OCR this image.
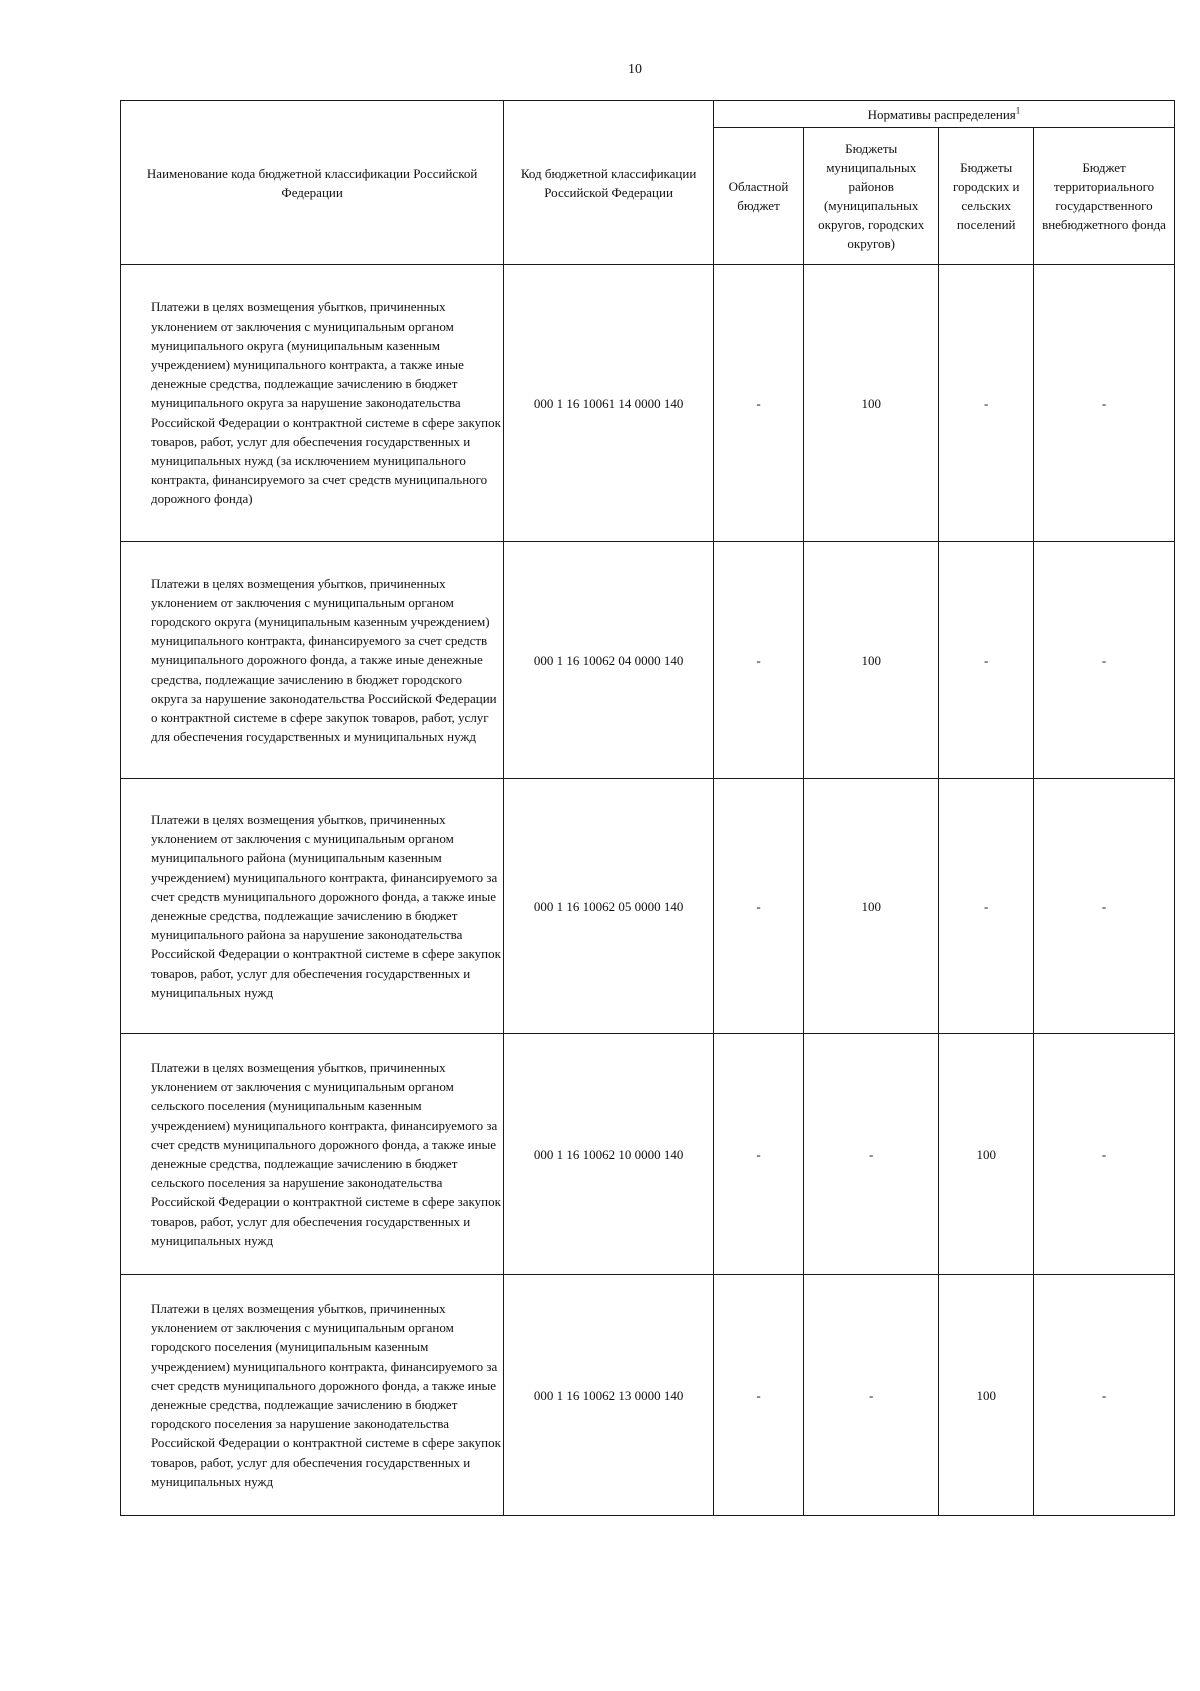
10
Наименование кода бюджетной классификации Российской Федерации	Код бюджетной классификации Российской Федерации	Нормативы распределения$^1$
		Областной бюджет	Бюджеты муниципальных районов (муниципальных округов, городских округов)	Бюджеты городских и сельских поселений	Бюджет территориального государственного внебюджетного фонда
Платежи в целях возмещения убытков, причиненных уклонением от заключения с муниципальным органом муниципального округа (муниципальным казенным учреждением) муниципального контракта, а также иные денежные средства, подлежащие зачислению в бюджет муниципального округа за нарушение законодательства Российской Федерации о контрактной системе в сфере закупок товаров, работ, услуг для обеспечения государственных и муниципальных нужд (за исключением муниципального контракта, финансируемого за счет средств муниципального дорожного фонда)	000 1 16 10061 14 0000 140	-	100	-	-
Платежи в целях возмещения убытков, причиненных уклонением от заключения с муниципальным органом городского округа (муниципальным казенным учреждением) муниципального контракта, финансируемого за счет средств муниципального дорожного фонда, а также иные денежные средства, подлежащие зачислению в бюджет городского округа за нарушение законодательства Российской Федерации о контрактной системе в сфере закупок товаров, работ, услуг для обеспечения государственных и муниципальных нужд	000 1 16 10062 04 0000 140	-	100	-	-
Платежи в целях возмещения убытков, причиненных уклонением от заключения с муниципальным органом муниципального района (муниципальным казенным учреждением) муниципального контракта, финансируемого за счет средств муниципального дорожного фонда, а также иные денежные средства, подлежащие зачислению в бюджет муниципального района за нарушение законодательства Российской Федерации о контрактной системе в сфере закупок товаров, работ, услуг для обеспечения государственных и муниципальных нужд	000 1 16 10062 05 0000 140	-	100	-	-
Платежи в целях возмещения убытков, причиненных уклонением от заключения с муниципальным органом сельского поселения (муниципальным казенным учреждением) муниципального контракта, финансируемого за счет средств муниципального дорожного фонда, а также иные денежные средства, подлежащие зачислению в бюджет сельского поселения за нарушение законодательства Российской Федерации о контрактной системе в сфере закупок товаров, работ, услуг для обеспечения государственных и муниципальных нужд	000 1 16 10062 10 0000 140	-	-	100	-
Платежи в целях возмещения убытков, причиненных уклонением от заключения с муниципальным органом городского поселения (муниципальным казенным учреждением) муниципального контракта, финансируемого за счет средств муниципального дорожного фонда, а также иные денежные средства, подлежащие зачислению в бюджет городского поселения за нарушение законодательства Российской Федерации о контрактной системе в сфере закупок товаров, работ, услуг для обеспечения государственных и муниципальных нужд	000 1 16 10062 13 0000 140	-	-	100	-
